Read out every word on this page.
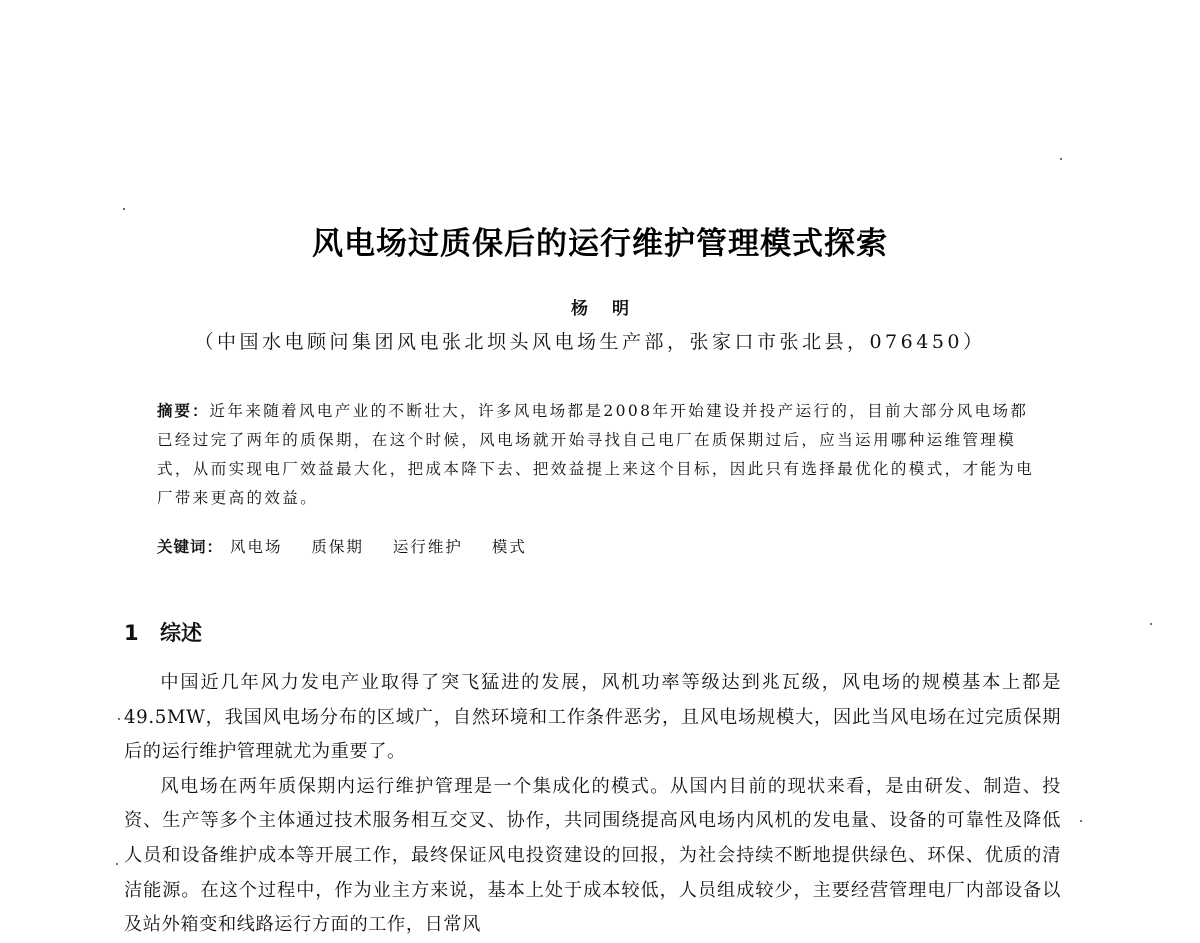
风电场过质保后的运行维护管理模式探索
杨明
（中国水电顾问集团风电张北坝头风电场生产部，张家口市张北县，076450）
摘要：近年来随着风电产业的不断壮大，许多风电场都是2008年开始建设并投产运行的，目前大部分风电场都已经过完了两年的质保期，在这个时候，风电场就开始寻找自己电厂在质保期过后，应当运用哪种运维管理模式，从而实现电厂效益最大化，把成本降下去、把效益提上来这个目标，因此只有选择最优化的模式，才能为电厂带来更高的效益。
关键词： 风电场 质保期 运行维护 模式
1 综述

中国近几年风力发电产业取得了突飞猛进的发展，风机功率等级达到兆瓦级，风电场的规模基本上都是49.5MW，我国风电场分布的区域广，自然环境和工作条件恶劣，且风电场规模大，因此当风电场在过完质保期后的运行维护管理就尤为重要了。

风电场在两年质保期内运行维护管理是一个集成化的模式。从国内目前的现状来看，是由研发、制造、投资、生产等多个主体通过技术服务相互交叉、协作，共同围绕提高风电场内风机的发电量、设备的可靠性及降低人员和设备维护成本等开展工作，最终保证风电投资建设的回报，为社会持续不断地提供绿色、环保、优质的清洁能源。在这个过程中，作为业主方来说，基本上处于成本较低，人员组成较少，主要经营管理电厂内部设备以及站外箱变和线路运行方面的工作，日常风
